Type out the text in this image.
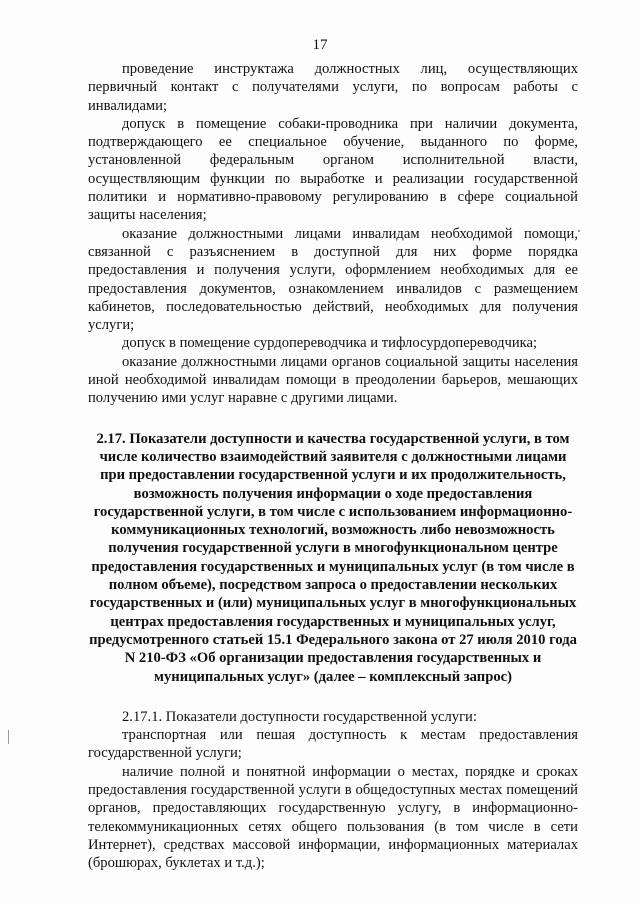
17

проведение инструктажа должностных лиц, осуществляющих первичный контакт с получателями услуги, по вопросам работы с инвалидами;

допуск в помещение собаки-проводника при наличии документа, подтверждающего ее специальное обучение, выданного по форме, установленной федеральным органом исполнительной власти, осуществляющим функции по выработке и реализации государственной политики и нормативно-правовому регулированию в сфере социальной защиты населения;

оказание должностными лицами инвалидам необходимой помощи, связанной с разъяснением в доступной для них форме порядка предоставления и получения услуги, оформлением необходимых для ее предоставления документов, ознакомлением инвалидов с размещением кабинетов, последовательностью действий, необходимых для получения услуги;

допуск в помещение сурдопереводчика и тифлосурдопереводчика;

оказание должностными лицами органов социальной защиты населения иной необходимой инвалидам помощи в преодолении барьеров, мешающих получению ими услуг наравне с другими лицами.

2.17. Показатели доступности и качества государственной услуги, в том числе количество взаимодействий заявителя с должностными лицами при предоставлении государственной услуги и их продолжительность, возможность получения информации о ходе предоставления государственной услуги, в том числе с использованием информационно-коммуникационных технологий, возможность либо невозможность получения государственной услуги в многофункциональном центре предоставления государственных и муниципальных услуг (в том числе в полном объеме), посредством запроса о предоставлении нескольких государственных и (или) муниципальных услуг в многофункциональных центрах предоставления государственных и муниципальных услуг, предусмотренного статьей 15.1 Федерального закона от 27 июля 2010 года N 210-ФЗ «Об организации предоставления государственных и муниципальных услуг» (далее – комплексный запрос)

2.17.1. Показатели доступности государственной услуги:

транспортная или пешая доступность к местам предоставления государственной услуги;

наличие полной и понятной информации о местах, порядке и сроках предоставления государственной услуги в общедоступных местах помещений органов, предоставляющих государственную услугу, в информационно-телекоммуникационных сетях общего пользования (в том числе в сети Интернет), средствах массовой информации, информационных материалах (брошюрах, буклетах и т.д.);
